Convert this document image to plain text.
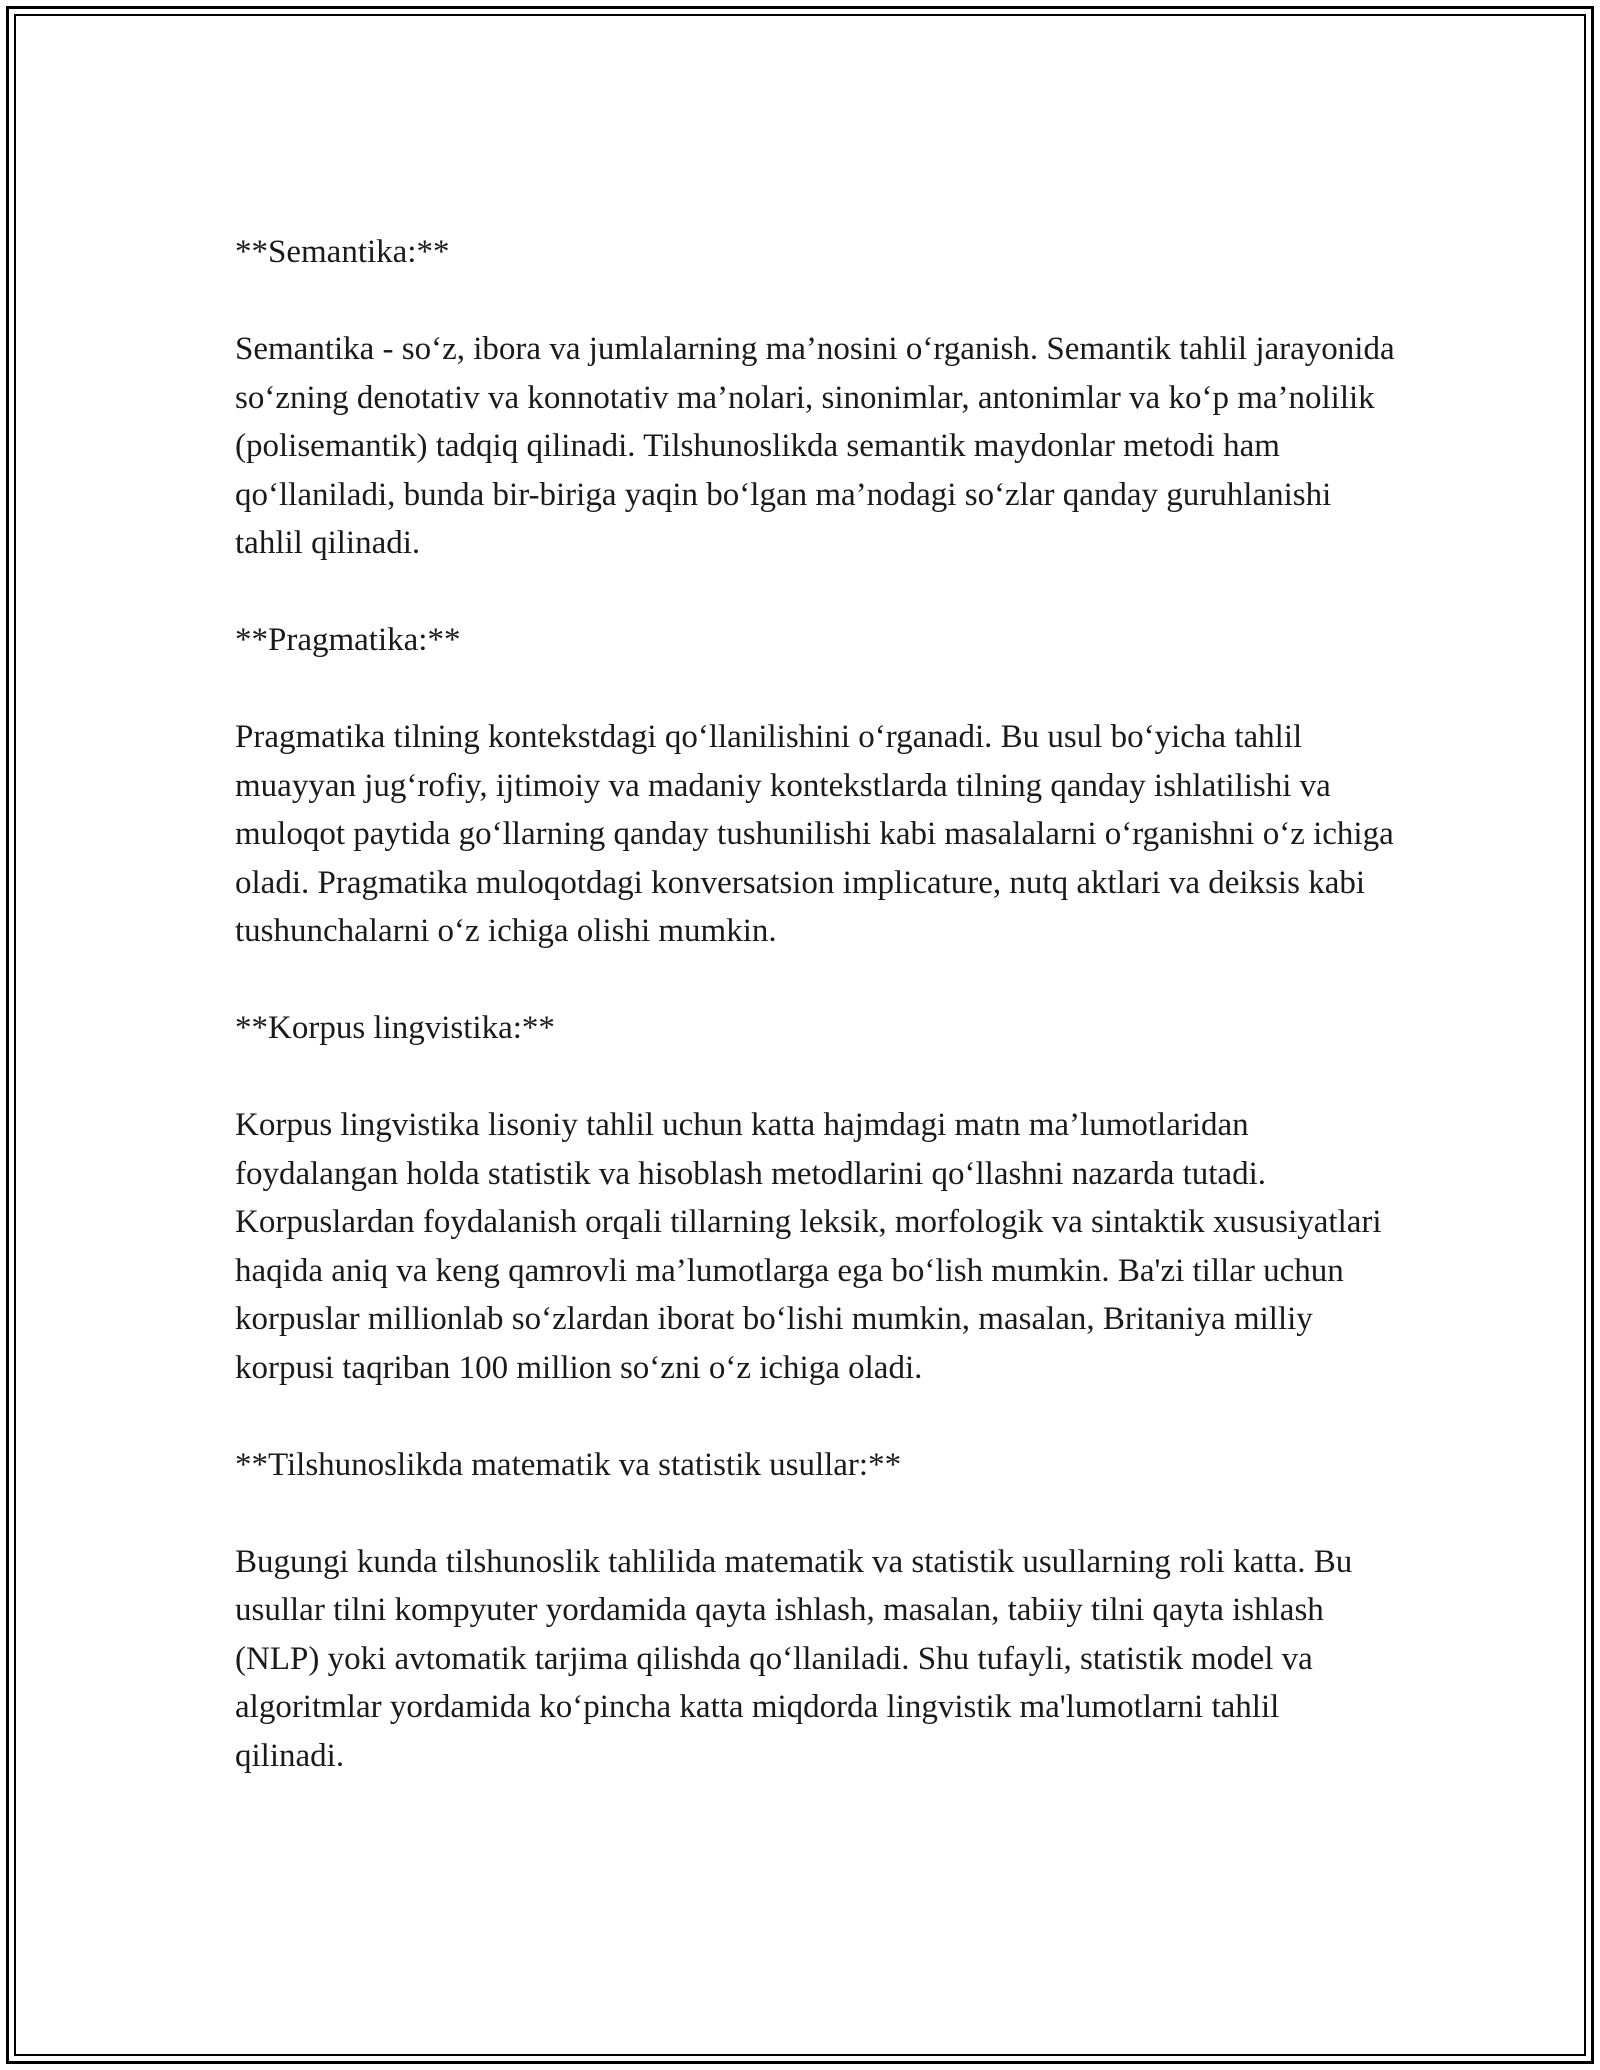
**Semantika:**

Semantika - so‘z, ibora va jumlalarning ma’nosini o‘rganish. Semantik tahlil jarayonida so‘zning denotativ va konnotativ ma’nolari, sinonimlar, antonimlar va ko‘p ma’nolilik (polisemantik) tadqiq qilinadi. Tilshunoslikda semantik maydonlar metodi ham qo‘llaniladi, bunda bir-biriga yaqin bo‘lgan ma’nodagi so‘zlar qanday guruhlanishi tahlil qilinadi.

**Pragmatika:**

Pragmatika tilning kontekstdagi qo‘llanilishini o‘rganadi. Bu usul bo‘yicha tahlil muayyan jug‘rofiy, ijtimoiy va madaniy kontekstlarda tilning qanday ishlatilishi va muloqot paytida go‘llarning qanday tushunilishi kabi masalalarni o‘rganishni o‘z ichiga oladi. Pragmatika muloqotdagi konversatsion implicature, nutq aktlari va deiksis kabi tushunchalarni o‘z ichiga olishi mumkin.

**Korpus lingvistika:**

Korpus lingvistika lisoniy tahlil uchun katta hajmdagi matn ma’lumotlaridan foydalangan holda statistik va hisoblash metodlarini qo‘llashni nazarda tutadi. Korpuslardan foydalanish orqali tillarning leksik, morfologik va sintaktik xususiyatlari haqida aniq va keng qamrovli ma’lumotlarga ega bo‘lish mumkin. Ba'zi tillar uchun korpuslar millionlab so‘zlardan iborat bo‘lishi mumkin, masalan, Britaniya milliy korpusi taqriban 100 million so‘zni o‘z ichiga oladi.

**Tilshunoslikda matematik va statistik usullar:**

Bugungi kunda tilshunoslik tahlilida matematik va statistik usullarning roli katta. Bu usullar tilni kompyuter yordamida qayta ishlash, masalan, tabiiy tilni qayta ishlash (NLP) yoki avtomatik tarjima qilishda qo‘llaniladi. Shu tufayli, statistik model va algoritmlar yordamida ko‘pincha katta miqdorda lingvistik ma'lumotlarni tahlil qilinadi.
